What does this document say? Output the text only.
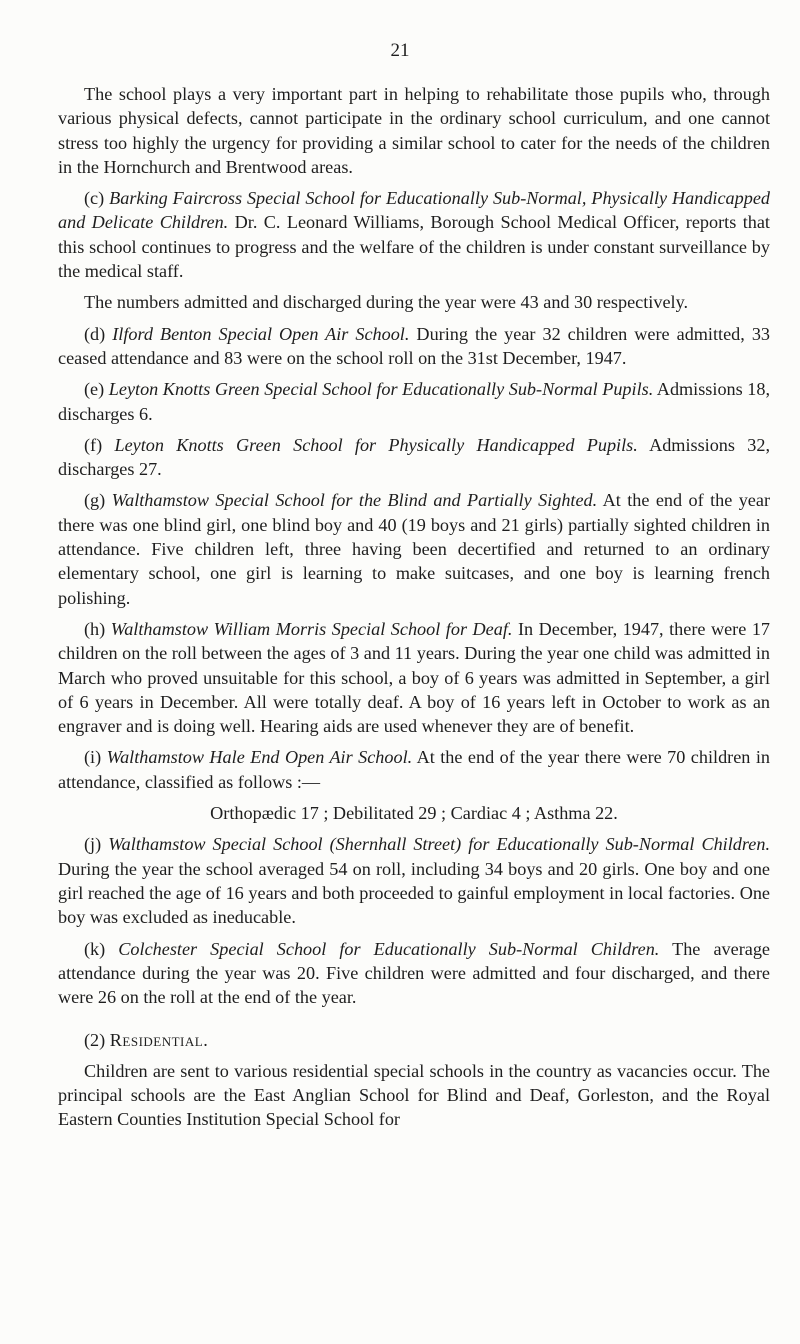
21

The school plays a very important part in helping to rehabilitate those pupils who, through various physical defects, cannot participate in the ordinary school curriculum, and one cannot stress too highly the urgency for providing a similar school to cater for the needs of the children in the Hornchurch and Brentwood areas.

(c) Barking Faircross Special School for Educationally Sub-Normal, Physically Handicapped and Delicate Children. Dr. C. Leonard Williams, Borough School Medical Officer, reports that this school continues to progress and the welfare of the children is under constant surveillance by the medical staff.

The numbers admitted and discharged during the year were 43 and 30 respectively.

(d) Ilford Benton Special Open Air School. During the year 32 children were admitted, 33 ceased attendance and 83 were on the school roll on the 31st December, 1947.

(e) Leyton Knotts Green Special School for Educationally Sub-Normal Pupils. Admissions 18, discharges 6.

(f) Leyton Knotts Green School for Physically Handicapped Pupils. Admissions 32, discharges 27.

(g) Walthamstow Special School for the Blind and Partially Sighted. At the end of the year there was one blind girl, one blind boy and 40 (19 boys and 21 girls) partially sighted children in attendance. Five children left, three having been decertified and returned to an ordinary elementary school, one girl is learning to make suitcases, and one boy is learning french polishing.

(h) Walthamstow William Morris Special School for Deaf. In December, 1947, there were 17 children on the roll between the ages of 3 and 11 years. During the year one child was admitted in March who proved unsuitable for this school, a boy of 6 years was admitted in September, a girl of 6 years in December. All were totally deaf. A boy of 16 years left in October to work as an engraver and is doing well. Hearing aids are used whenever they are of benefit.

(i) Walthamstow Hale End Open Air School. At the end of the year there were 70 children in attendance, classified as follows :—

Orthopædic 17 ; Debilitated 29 ; Cardiac 4 ; Asthma 22.

(j) Walthamstow Special School (Shernhall Street) for Educationally Sub-Normal Children. During the year the school averaged 54 on roll, including 34 boys and 20 girls. One boy and one girl reached the age of 16 years and both proceeded to gainful employment in local factories. One boy was excluded as ineducable.

(k) Colchester Special School for Educationally Sub-Normal Children. The average attendance during the year was 20. Five children were admitted and four discharged, and there were 26 on the roll at the end of the year.

(2) Residential.

Children are sent to various residential special schools in the country as vacancies occur. The principal schools are the East Anglian School for Blind and Deaf, Gorleston, and the Royal Eastern Counties Institution Special School for
